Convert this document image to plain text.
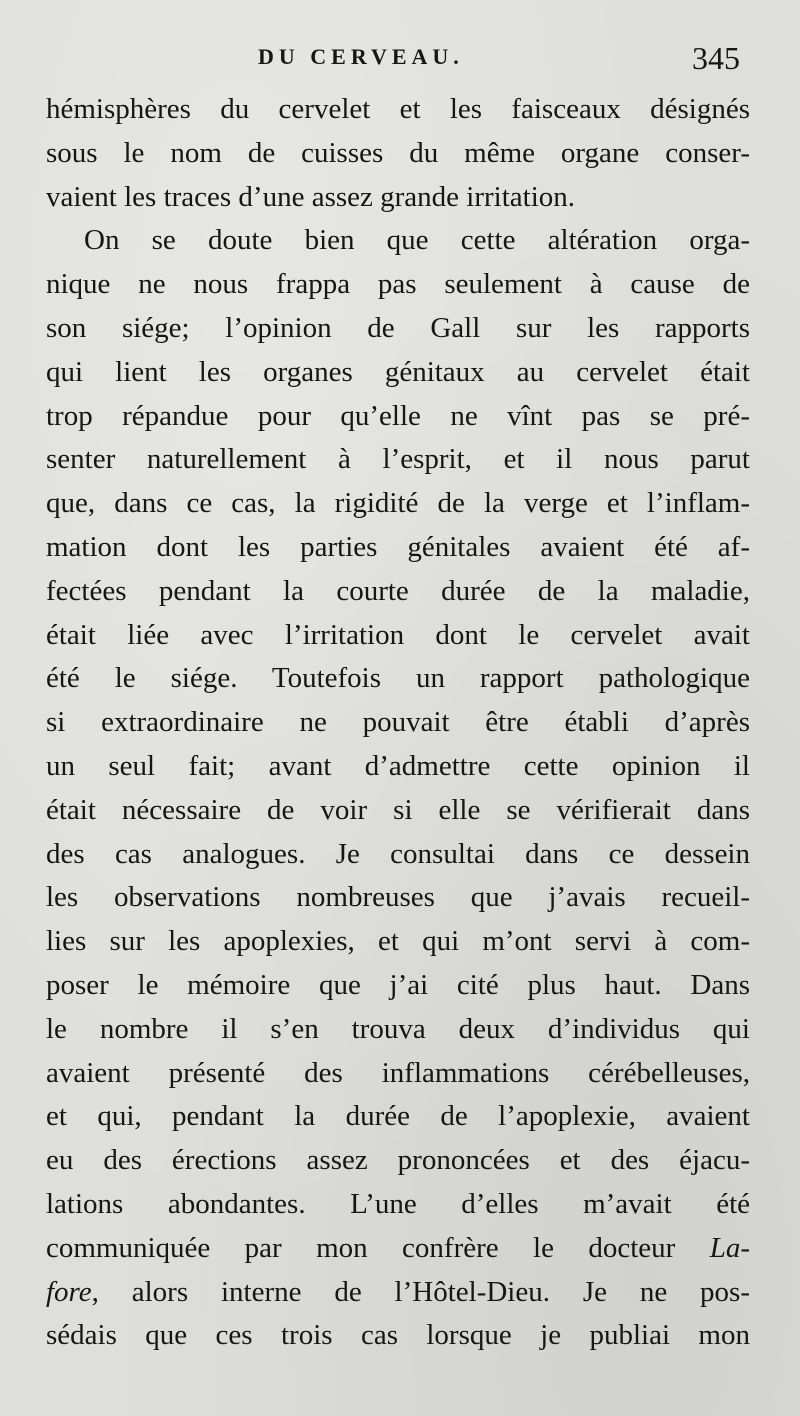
DU CERVEAU.	345
hémisphères du cervelet et les faisceaux désignés
sous le nom de cuisses du même organe conser-
vaient les traces d’une assez grande irritation.
On se doute bien que cette altération orga-
nique ne nous frappa pas seulement à cause de
son siége; l’opinion de Gall sur les rapports
qui lient les organes génitaux au cervelet était
trop répandue pour qu’elle ne vînt pas se pré-
senter naturellement à l’esprit, et il nous parut
que, dans ce cas, la rigidité de la verge et l’inflam-
mation dont les parties génitales avaient été af-
fectées pendant la courte durée de la maladie,
était liée avec l’irritation dont le cervelet avait
été le siége. Toutefois un rapport pathologique
si extraordinaire ne pouvait être établi d’après
un seul fait; avant d’admettre cette opinion il
était nécessaire de voir si elle se vérifierait dans
des cas analogues. Je consultai dans ce dessein
les observations nombreuses que j’avais recueil-
lies sur les apoplexies, et qui m’ont servi à com-
poser le mémoire que j’ai cité plus haut. Dans
le nombre il s’en trouva deux d’individus qui
avaient présenté des inflammations cérébelleuses,
et qui, pendant la durée de l’apoplexie, avaient
eu des érections assez prononcées et des éjacu-
lations abondantes. L’une d’elles m’avait été
communiquée par mon confrère le docteur La-
fore, alors interne de l’Hôtel-Dieu. Je ne pos-
sédais que ces trois cas lorsque je publiai mon
